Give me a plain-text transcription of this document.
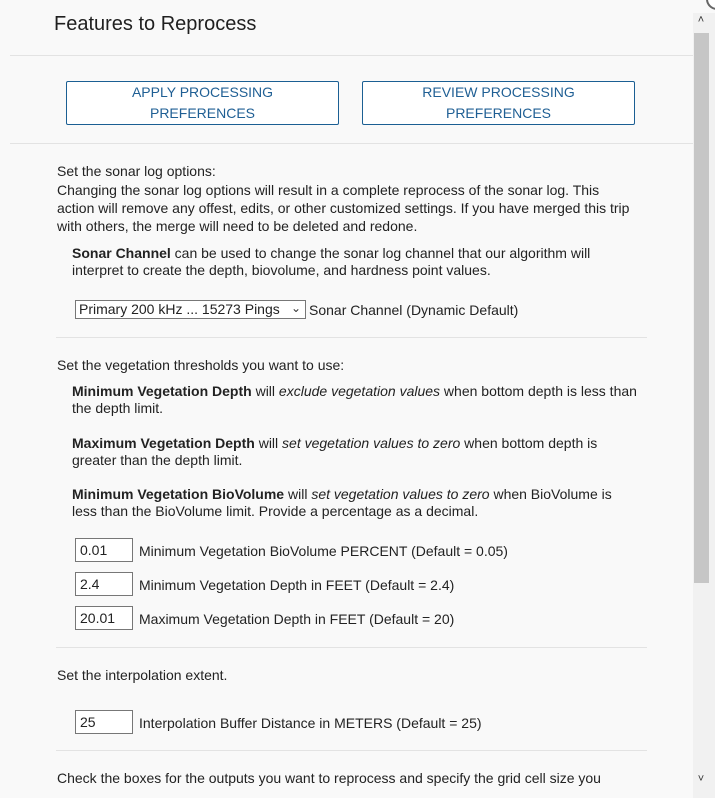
Features to Reprocess
APPLY PROCESSING
PREFERENCES
REVIEW PROCESSING
PREFERENCES
Set the sonar log options:
Changing the sonar log options will result in a complete reprocess of the sonar log. This
action will remove any offest, edits, or other customized settings. If you have merged this trip
with others, the merge will need to be deleted and redone.
Sonar Channel can be used to change the sonar log channel that our algorithm will
interpret to create the depth, biovolume, and hardness point values.
Primary 200 kHz ... 15273 Pings ⌄ Sonar Channel (Dynamic Default)
Set the vegetation thresholds you want to use:
Minimum Vegetation Depth will exclude vegetation values when bottom depth is less than
the depth limit.
Maximum Vegetation Depth will set vegetation values to zero when bottom depth is
greater than the depth limit.
Minimum Vegetation BioVolume will set vegetation values to zero when BioVolume is
less than the BioVolume limit. Provide a percentage as a decimal.
0.01	Minimum Vegetation BioVolume PERCENT (Default = 0.05)
2.4	Minimum Vegetation Depth in FEET (Default = 2.4)
20.01	Maximum Vegetation Depth in FEET (Default = 20)
Set the interpolation extent.
25	Interpolation Buffer Distance in METERS (Default = 25)
Check the boxes for the outputs you want to reprocess and specify the grid cell size you
˄
˅
